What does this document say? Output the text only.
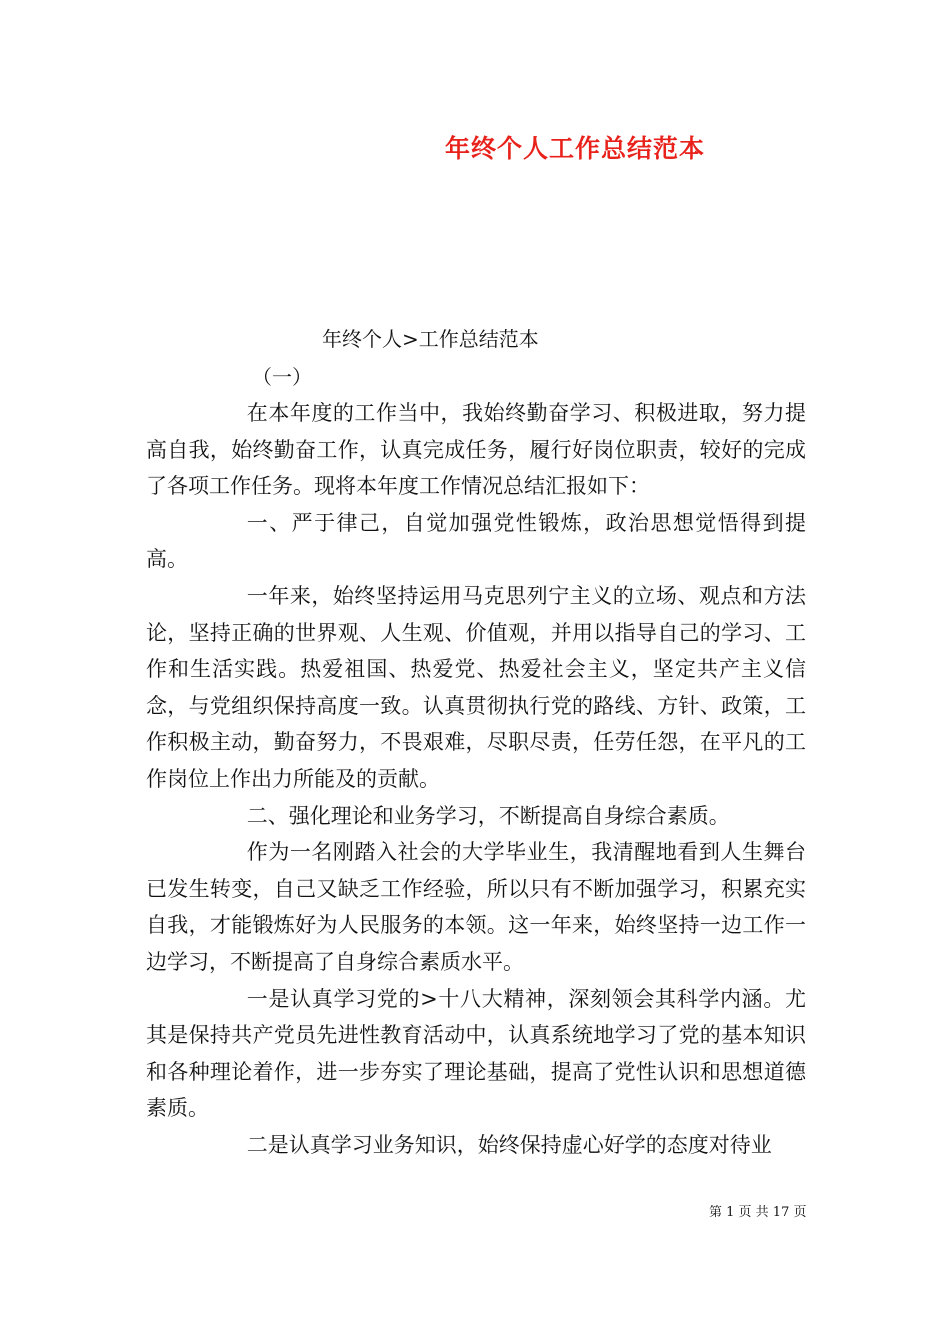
年终个人工作总结范本
年终个人>工作总结范本
（一）

在本年度的工作当中，我始终勤奋学习、积极进取，努力提高自我，始终勤奋工作，认真完成任务，履行好岗位职责，较好的完成了各项工作任务。现将本年度工作情况总结汇报如下：

一、严于律己，自觉加强党性锻炼，政治思想觉悟得到提高。

一年来，始终坚持运用马克思列宁主义的立场、观点和方法论，坚持正确的世界观、人生观、价值观，并用以指导自己的学习、工作和生活实践。热爱祖国、热爱党、热爱社会主义，坚定共产主义信念，与党组织保持高度一致。认真贯彻执行党的路线、方针、政策，工作积极主动，勤奋努力，不畏艰难，尽职尽责，任劳任怨，在平凡的工作岗位上作出力所能及的贡献。

二、强化理论和业务学习，不断提高自身综合素质。

作为一名刚踏入社会的大学毕业生，我清醒地看到人生舞台已发生转变，自己又缺乏工作经验，所以只有不断加强学习，积累充实自我，才能锻炼好为人民服务的本领。这一年来，始终坚持一边工作一边学习，不断提高了自身综合素质水平。

一是认真学习党的>十八大精神，深刻领会其科学内涵。尤其是保持共产党员先进性教育活动中，认真系统地学习了党的基本知识和各种理论着作，进一步夯实了理论基础，提高了党性认识和思想道德素质。

二是认真学习业务知识，始终保持虚心好学的态度对待业

第 1 页 共 17 页
